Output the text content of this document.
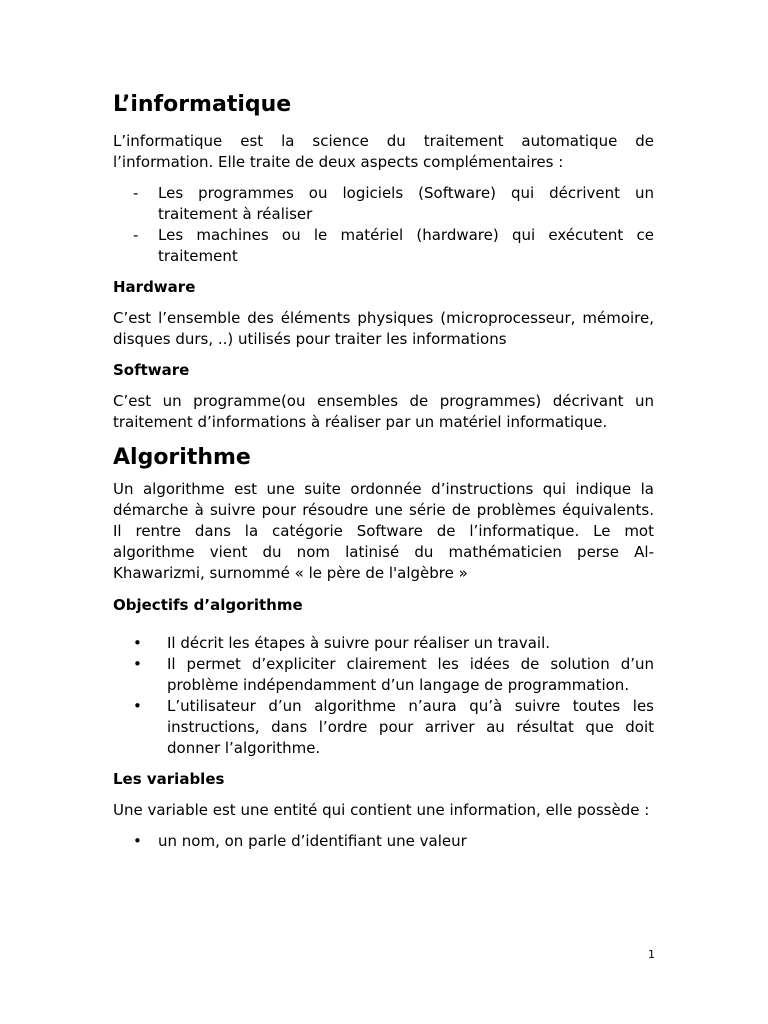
L’informatique

L’informatique est la science du traitement automatique de l’information. Elle traite de deux aspects complémentaires :

- Les programmes ou logiciels (Software) qui décrivent un traitement à réaliser
- Les machines ou le matériel (hardware) qui exécutent ce traitement
Hardware

C’est l’ensemble des éléments physiques (microprocesseur, mémoire, disques durs, ..) utilisés pour traiter les informations

Software

C’est un programme(ou ensembles de programmes) décrivant un traitement d’informations à réaliser par un matériel informatique.

Algorithme

Un algorithme est une suite ordonnée d’instructions qui indique la démarche à suivre pour résoudre une série de problèmes équivalents. Il rentre dans la catégorie Software de l’informatique. Le mot algorithme vient du nom latinisé du mathématicien perse Al-Khawarizmi, surnommé « le père de l'algèbre »

Objectifs d’algorithme
• Il décrit les étapes à suivre pour réaliser un travail.
• Il permet d’expliciter clairement les idées de solution d’un problème indépendamment d’un langage de programmation.
• L’utilisateur d’un algorithme n’aura qu’à suivre toutes les instructions, dans l’ordre pour arriver au résultat que doit donner l’algorithme.
Les variables

Une variable est une entité qui contient une information, elle possède :

• un nom, on parle d’identifiant une valeur
1
